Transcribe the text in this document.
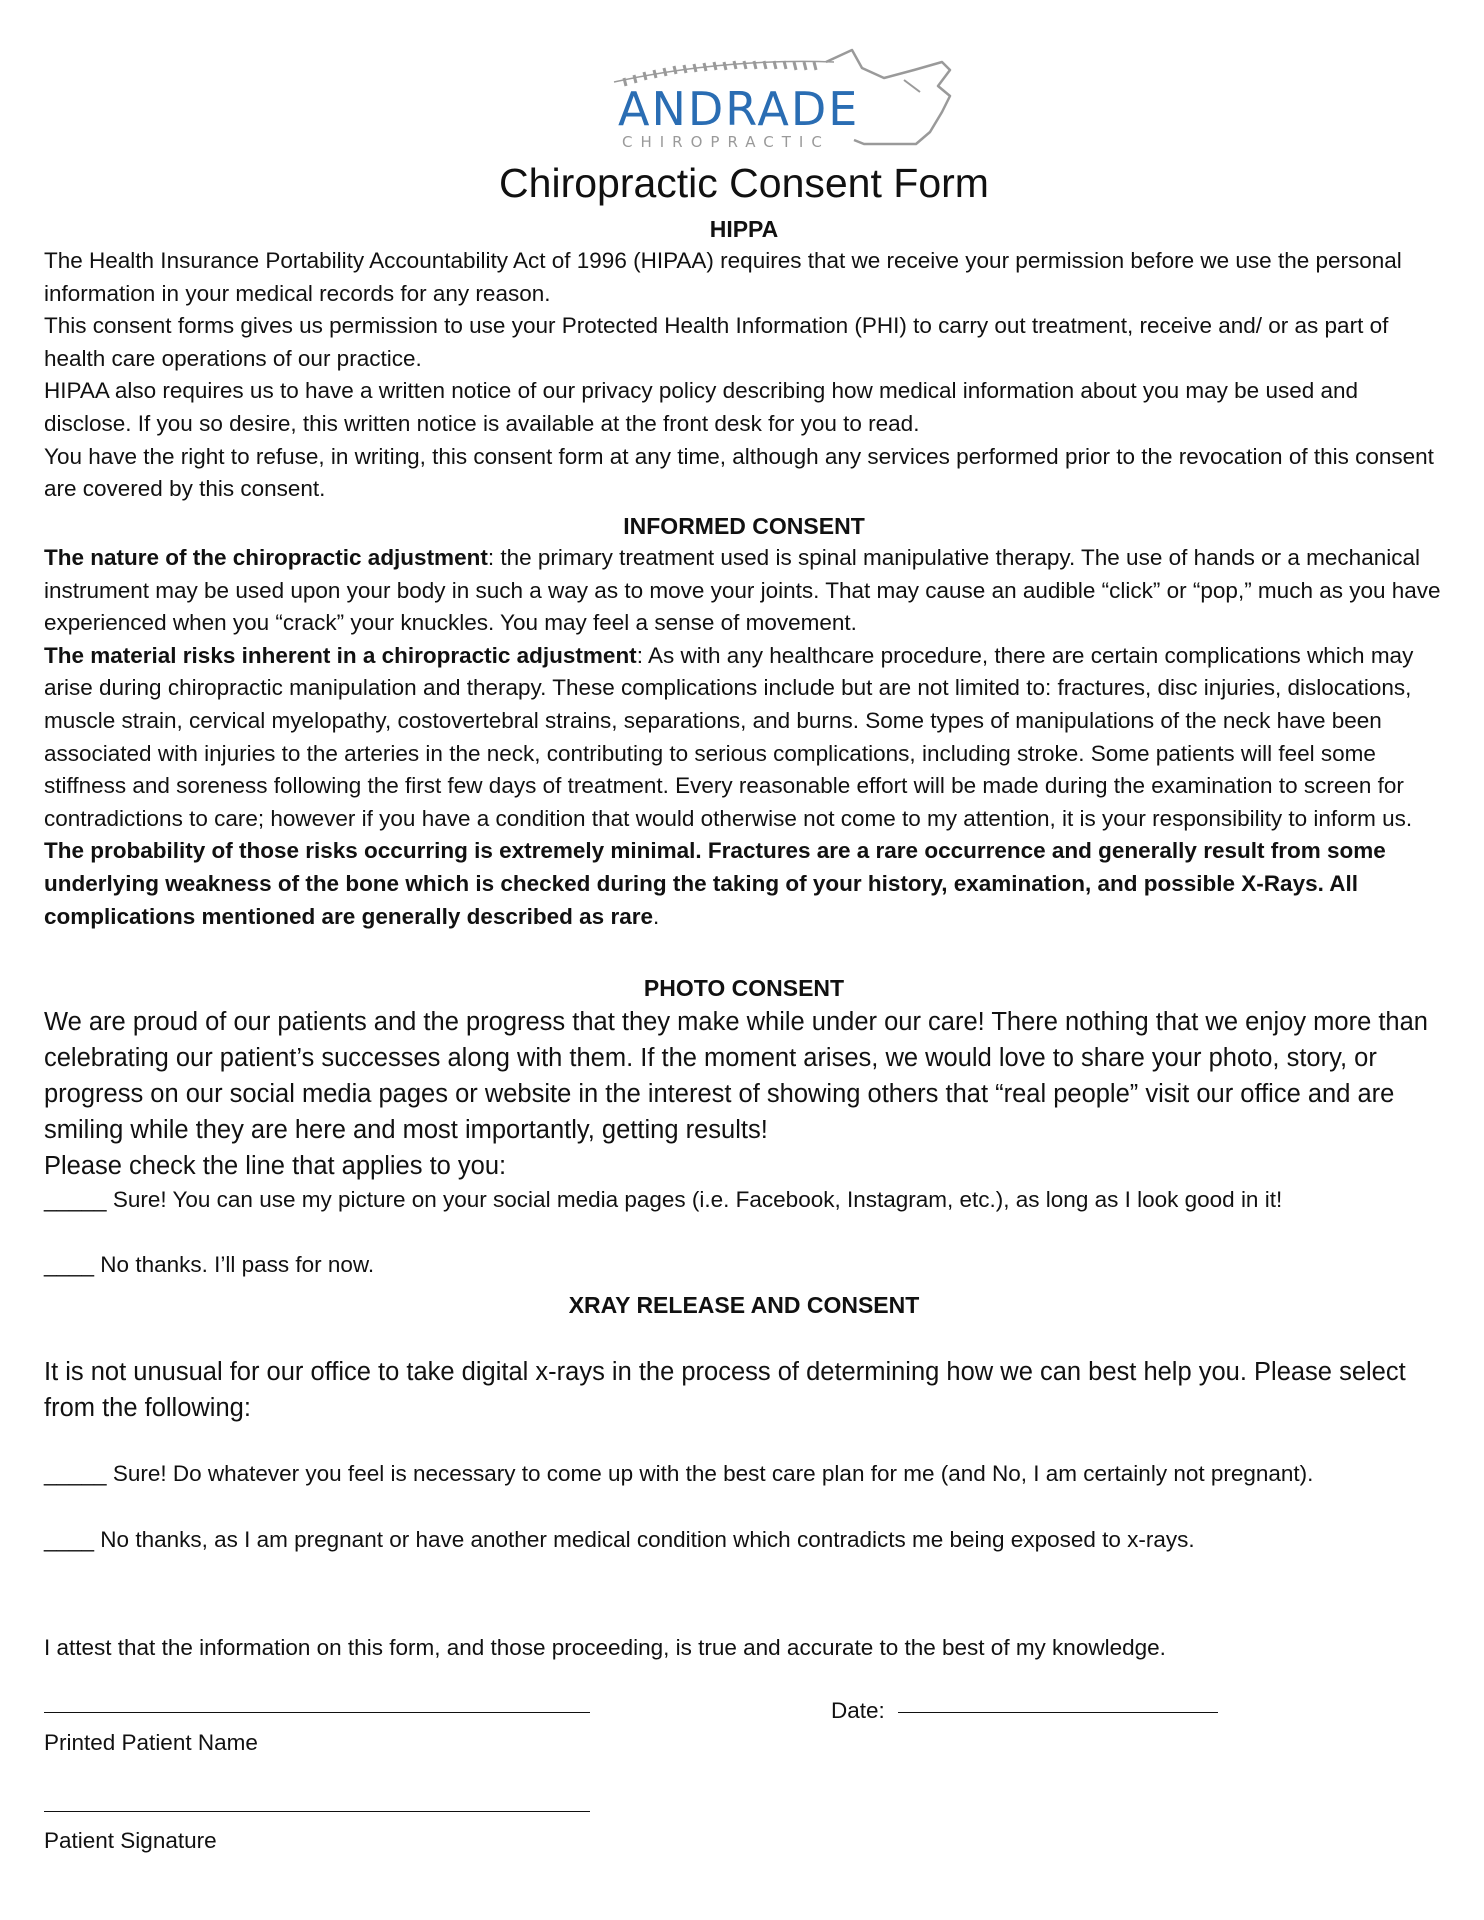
ANDRADE
CHIROPRACTIC
Chiropractic Consent Form
HIPPA

The Health Insurance Portability Accountability Act of 1996 (HIPAA) requires that we receive your permission before we use the personal information in your medical records for any reason.

This consent forms gives us permission to use your Protected Health Information (PHI) to carry out treatment, receive and/ or as part of health care operations of our practice.

HIPAA also requires us to have a written notice of our privacy policy describing how medical information about you may be used and disclose. If you so desire, this written notice is available at the front desk for you to read.

You have the right to refuse, in writing, this consent form at any time, although any services performed prior to the revocation of this consent are covered by this consent.

INFORMED CONSENT

The nature of the chiropractic adjustment: the primary treatment used is spinal manipulative therapy. The use of hands or a mechanical instrument may be used upon your body in such a way as to move your joints. That may cause an audible “click” or “pop,” much as you have experienced when you “crack” your knuckles. You may feel a sense of movement.

The material risks inherent in a chiropractic adjustment: As with any healthcare procedure, there are certain complications which may arise during chiropractic manipulation and therapy. These complications include but are not limited to: fractures, disc injuries, dislocations, muscle strain, cervical myelopathy, costovertebral strains, separations, and burns. Some types of manipulations of the neck have been associated with injuries to the arteries in the neck, contributing to serious complications, including stroke. Some patients will feel some stiffness and soreness following the first few days of treatment. Every reasonable effort will be made during the examination to screen for contradictions to care; however if you have a condition that would otherwise not come to my attention, it is your responsibility to inform us. The probability of those risks occurring is extremely minimal. Fractures are a rare occurrence and generally result from some underlying weakness of the bone which is checked during the taking of your history, examination, and possible X-Rays. All complications mentioned are generally described as rare.

PHOTO CONSENT

We are proud of our patients and the progress that they make while under our care! There nothing that we enjoy more than celebrating our patient’s successes along with them. If the moment arises, we would love to share your photo, story, or progress on our social media pages or website in the interest of showing others that “real people” visit our office and are smiling while they are here and most importantly, getting results!

Please check the line that applies to you:

_____ Sure! You can use my picture on your social media pages (i.e. Facebook, Instagram, etc.), as long as I look good in it!

____ No thanks. I’ll pass for now.

XRAY RELEASE AND CONSENT

It is not unusual for our office to take digital x-rays in the process of determining how we can best help you. Please select from the following:

_____ Sure! Do whatever you feel is necessary to come up with the best care plan for me (and No, I am certainly not pregnant).

____ No thanks, as I am pregnant or have another medical condition which contradicts me being exposed to x-rays.

I attest that the information on this form, and those proceeding, is true and accurate to the best of my knowledge.

Printed Patient Name
Date:
Patient Signature
